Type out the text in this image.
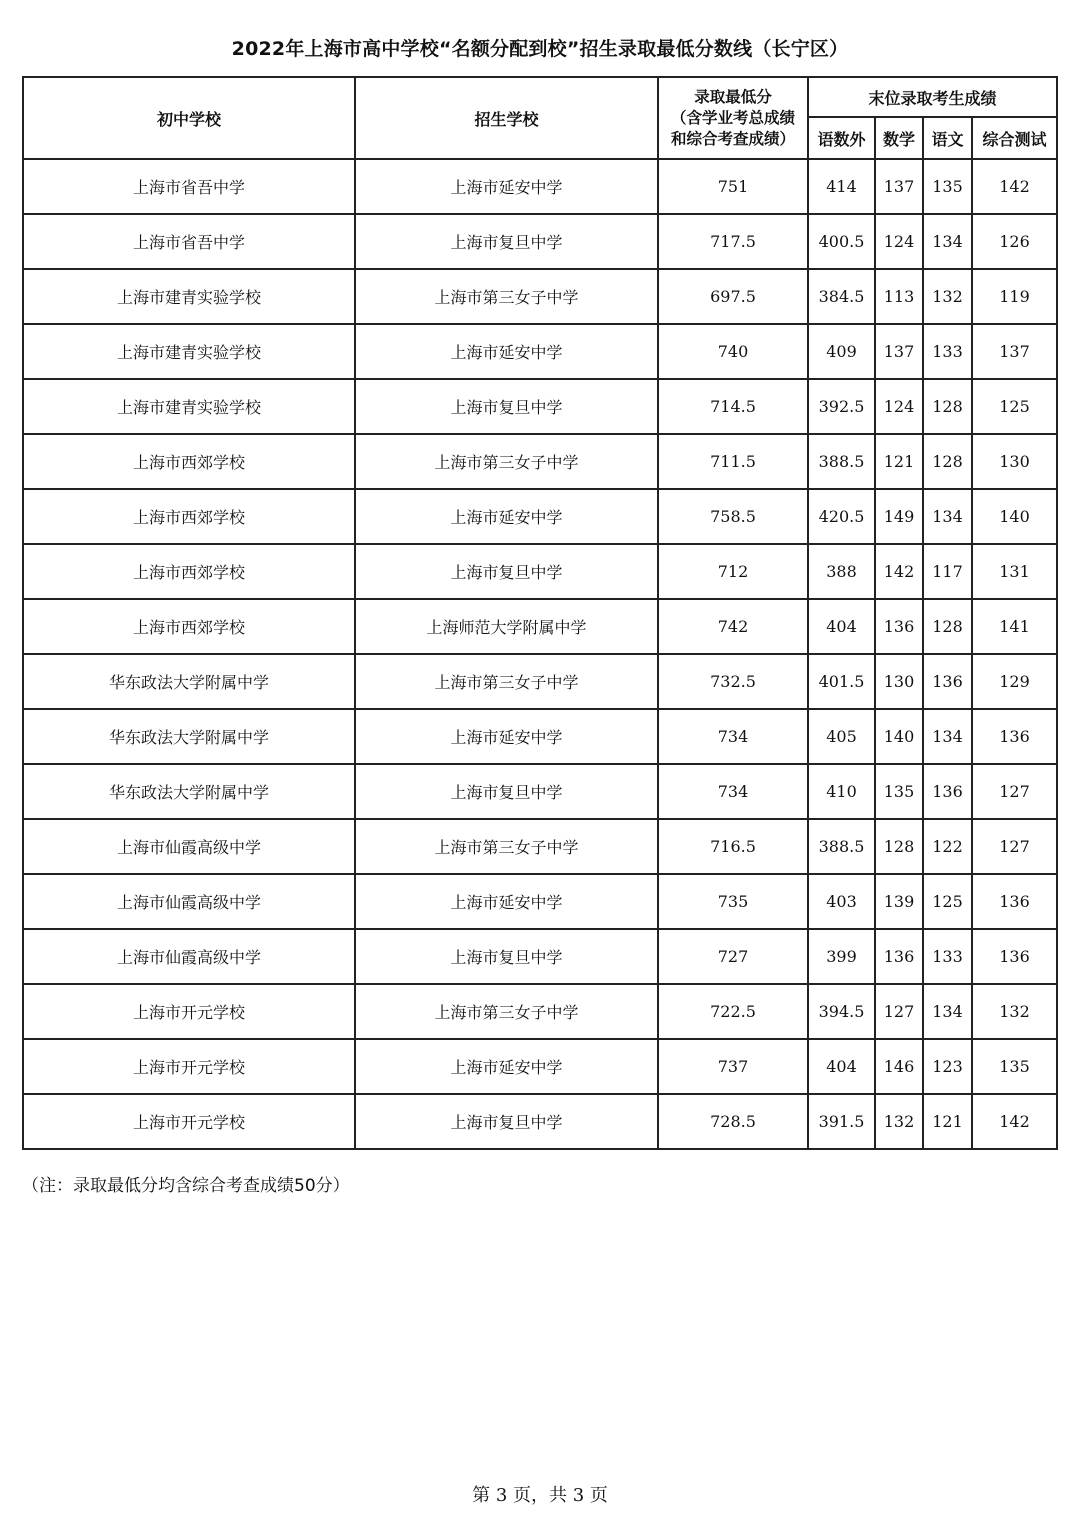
2022年上海市高中学校“名额分配到校”招生录取最低分数线（长宁区）
初中学校	招生学校	录取最低分
（含学业考总成绩
和综合考查成绩）	末位录取考生成绩			
			语数外	数学	语文	综合测试
上海市省吾中学	上海市延安中学	751	414	137	135	142
上海市省吾中学	上海市复旦中学	717.5	400.5	124	134	126
上海市建青实验学校	上海市第三女子中学	697.5	384.5	113	132	119
上海市建青实验学校	上海市延安中学	740	409	137	133	137
上海市建青实验学校	上海市复旦中学	714.5	392.5	124	128	125
上海市西郊学校	上海市第三女子中学	711.5	388.5	121	128	130
上海市西郊学校	上海市延安中学	758.5	420.5	149	134	140
上海市西郊学校	上海市复旦中学	712	388	142	117	131
上海市西郊学校	上海师范大学附属中学	742	404	136	128	141
华东政法大学附属中学	上海市第三女子中学	732.5	401.5	130	136	129
华东政法大学附属中学	上海市延安中学	734	405	140	134	136
华东政法大学附属中学	上海市复旦中学	734	410	135	136	127
上海市仙霞高级中学	上海市第三女子中学	716.5	388.5	128	122	127
上海市仙霞高级中学	上海市延安中学	735	403	139	125	136
上海市仙霞高级中学	上海市复旦中学	727	399	136	133	136
上海市开元学校	上海市第三女子中学	722.5	394.5	127	134	132
上海市开元学校	上海市延安中学	737	404	146	123	135
上海市开元学校	上海市复旦中学	728.5	391.5	132	121	142
（注：录取最低分均含综合考查成绩50分）
第 3 页，共 3 页
